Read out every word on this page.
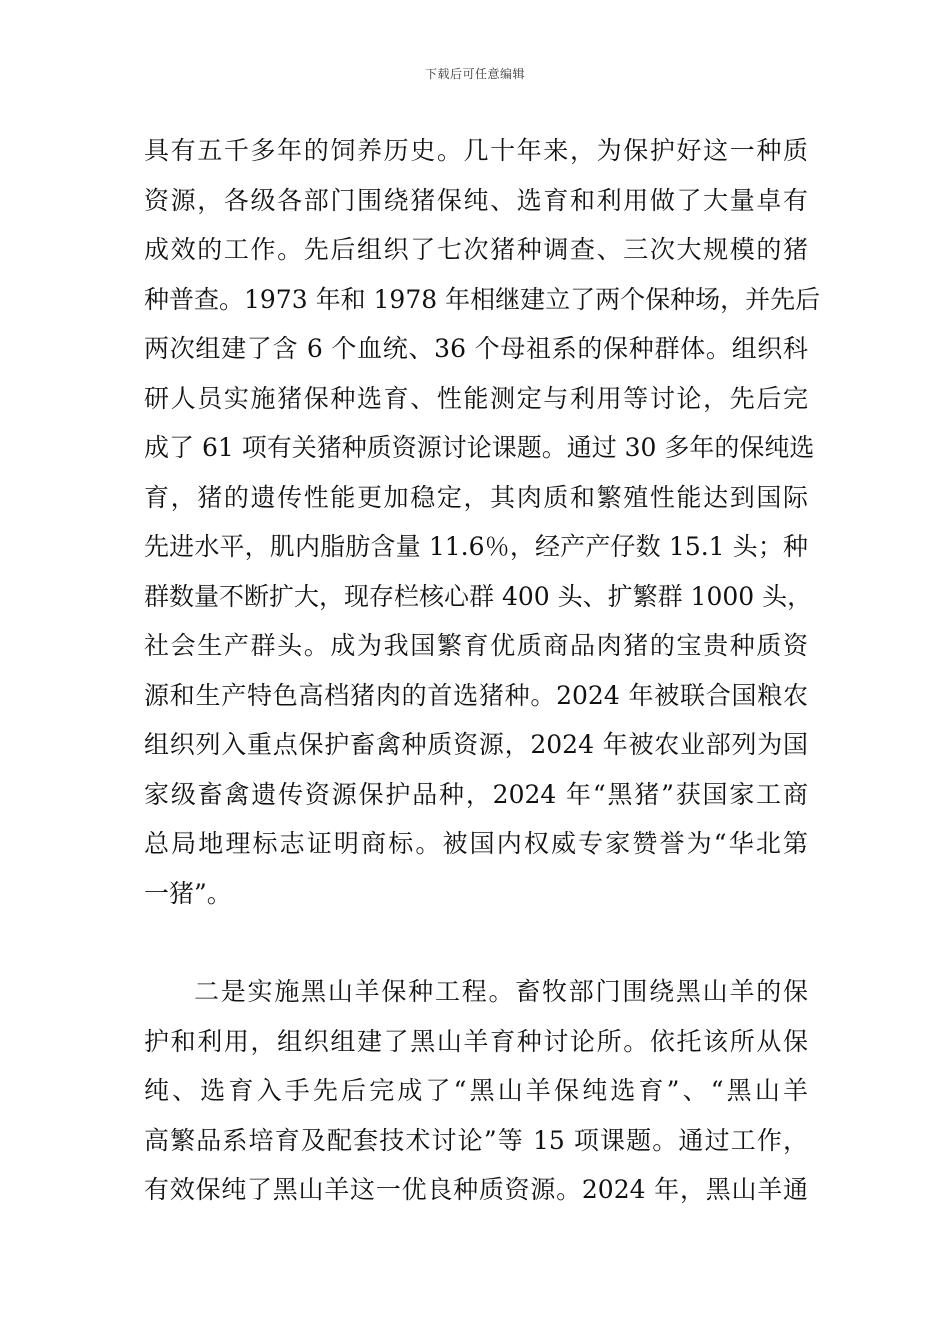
下载后可任意编辑
具有五千多年的饲养历史。几十年来，为保护好这一种质
资源，各级各部门围绕猪保纯、选育和利用做了大量卓有
成效的工作。先后组织了七次猪种调查、三次大规模的猪
种普查。1973 年和 1978 年相继建立了两个保种场，并先后
两次组建了含 6 个血统、36 个母祖系的保种群体。组织科
研人员实施猪保种选育、性能测定与利用等讨论，先后完
成了 61 项有关猪种质资源讨论课题。通过 30 多年的保纯选
育，猪的遗传性能更加稳定，其肉质和繁殖性能达到国际
先进水平，肌内脂肪含量 11.6％，经产产仔数 15.1 头；种
群数量不断扩大，现存栏核心群 400 头、扩繁群 1000 头，
社会生产群头。成为我国繁育优质商品肉猪的宝贵种质资
源和生产特色高档猪肉的首选猪种。2024 年被联合国粮农
组织列入重点保护畜禽种质资源，2024 年被农业部列为国
家级畜禽遗传资源保护品种，2024 年“黑猪”获国家工商
总局地理标志证明商标。被国内权威专家赞誉为“华北第
一猪”。
二是实施黑山羊保种工程。畜牧部门围绕黑山羊的保
护和利用，组织组建了黑山羊育种讨论所。依托该所从保
纯、选育入手先后完成了“黑山羊保纯选育”、“黑山羊
高繁品系培育及配套技术讨论”等 15 项课题。通过工作，
有效保纯了黑山羊这一优良种质资源。2024 年，黑山羊通
